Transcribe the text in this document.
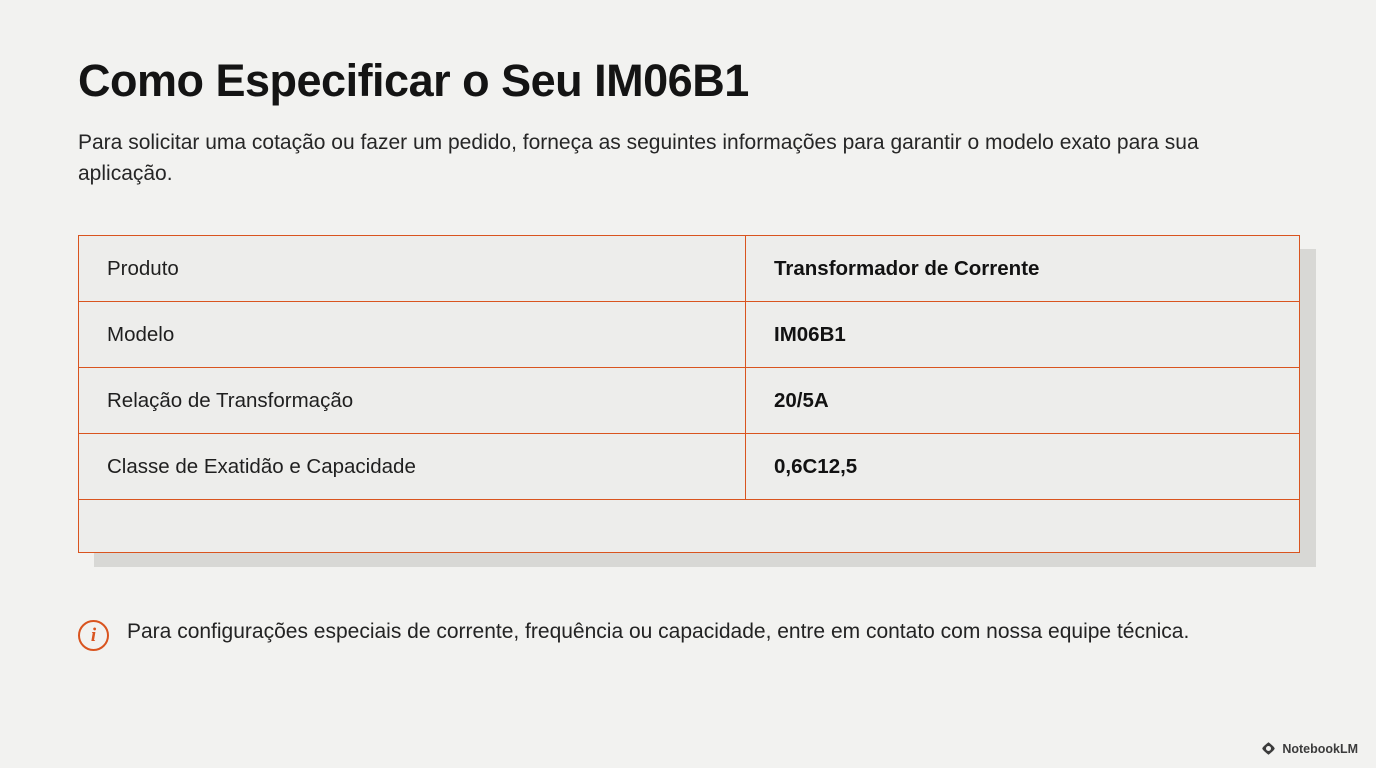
Como Especificar o Seu IM06B1

Para solicitar uma cotação ou fazer um pedido, forneça as seguintes informações para garantir o modelo exato para sua aplicação.

Produto	Transformador de Corrente
Modelo	IM06B1
Relação de Transformação	20/5A
Classe de Exatidão e Capacidade	0,6C12,5

i	Para configurações especiais de corrente, frequência ou capacidade, entre em contato com nossa equipe técnica.
NotebookLM
